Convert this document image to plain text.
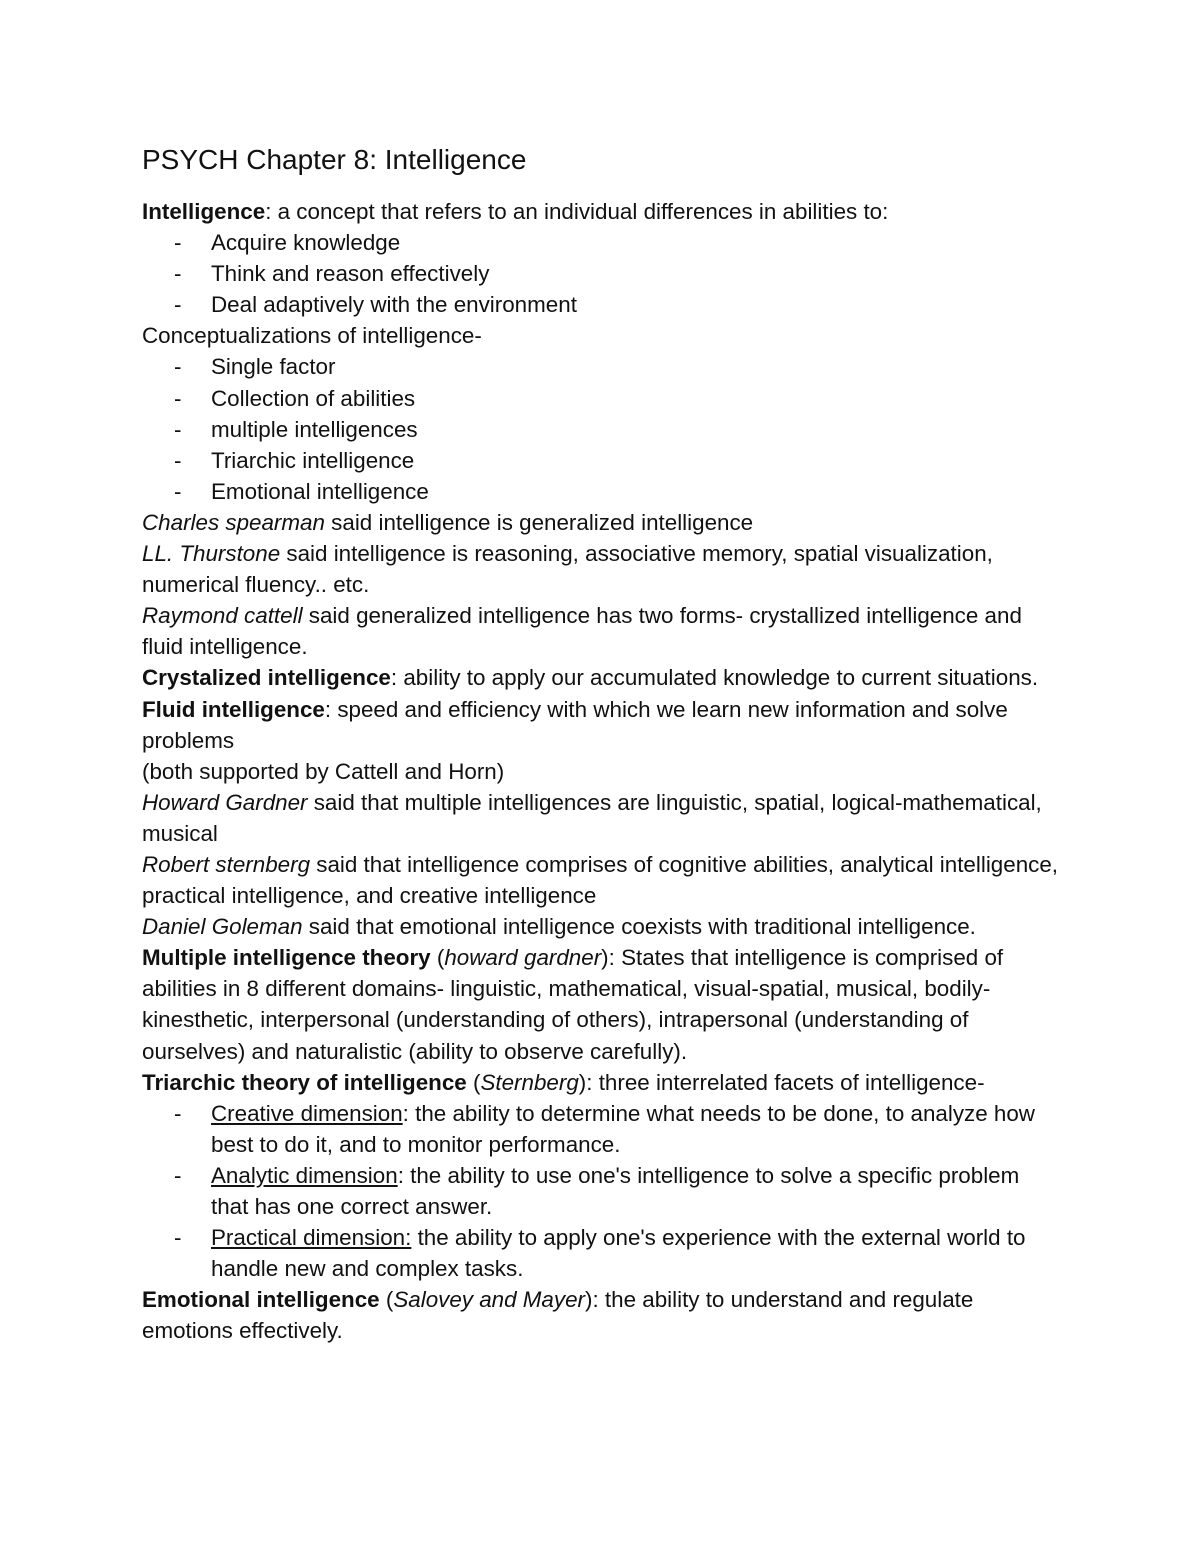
PSYCH Chapter 8: Intelligence

Intelligence: a concept that refers to an individual differences in abilities to:

- Acquire knowledge
- Think and reason effectively
- Deal adaptively with the environment

Conceptualizations of intelligence-

- Single factor
- Collection of abilities
- multiple intelligences
- Triarchic intelligence
- Emotional intelligence

Charles spearman said intelligence is generalized intelligence

LL. Thurstone said intelligence is reasoning, associative memory, spatial visualization, numerical fluency.. etc.

Raymond cattell said generalized intelligence has two forms- crystallized intelligence and fluid intelligence.

Crystalized intelligence: ability to apply our accumulated knowledge to current situations.

Fluid intelligence: speed and efficiency with which we learn new information and solve problems

(both supported by Cattell and Horn)

Howard Gardner said that multiple intelligences are linguistic, spatial, logical-mathematical, musical

Robert sternberg said that intelligence comprises of cognitive abilities, analytical intelligence, practical intelligence, and creative intelligence

Daniel Goleman said that emotional intelligence coexists with traditional intelligence.

Multiple intelligence theory (howard gardner): States that intelligence is comprised of abilities in 8 different domains- linguistic, mathematical, visual-spatial, musical, bodily-kinesthetic, interpersonal (understanding of others), intrapersonal (understanding of ourselves) and naturalistic (ability to observe carefully).

Triarchic theory of intelligence (Sternberg): three interrelated facets of intelligence-

- Creative dimension: the ability to determine what needs to be done, to analyze how best to do it, and to monitor performance.
- Analytic dimension: the ability to use one's intelligence to solve a specific problem that has one correct answer.
- Practical dimension: the ability to apply one's experience with the external world to handle new and complex tasks.

Emotional intelligence (Salovey and Mayer): the ability to understand and regulate emotions effectively.
